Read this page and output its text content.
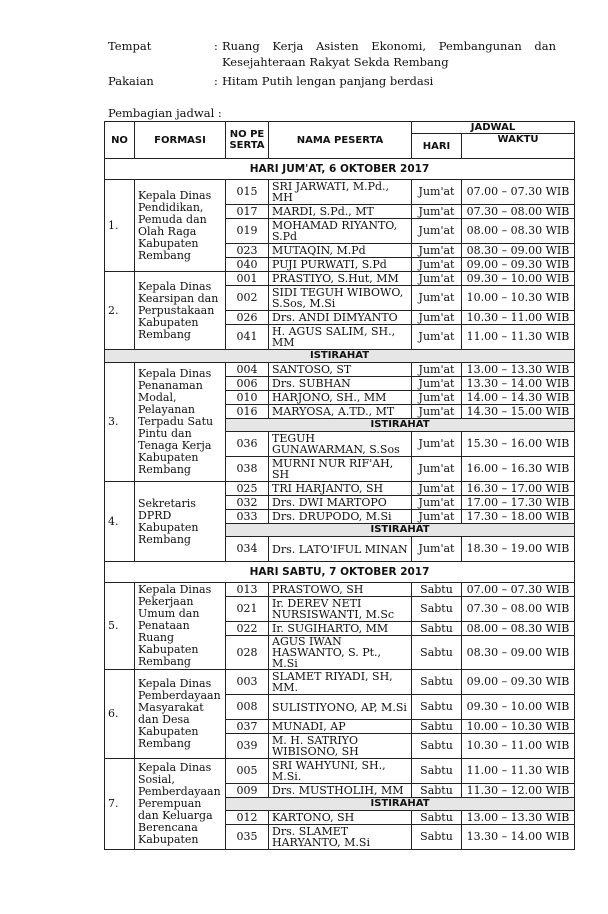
Tempat	: Ruang Kerja Asisten Ekonomi, Pembangunan dan Kesejahteraan Rakyat Sekda Rembang
Pakaian	: Hitam Putih lengan panjang berdasi
Pembagian jadwal :
NO	FORMASI	NO PESERTA	NAMA PESERTA	JADWAL	
				HARI	WAKTU
HARI JUM'AT, 6 OKTOBER 2017					
1.	Kepala Dinas Pendidikan, Pemuda dan Olah Raga Kabupaten Rembang	015	SRI JARWATI, M.Pd., MH	Jum'at	07.00 – 07.30 WIB
		017	MARDI, S.Pd., MT	Jum'at	07.30 – 08.00 WIB
		019	MOHAMAD RIYANTO, S.Pd	Jum'at	08.00 – 08.30 WIB
		023	MUTAQIN, M.Pd	Jum'at	08.30 – 09.00 WIB
		040	PUJI PURWATI, S.Pd	Jum'at	09.00 – 09.30 WIB
2.	Kepala Dinas Kearsipan dan Perpustakaan Kabupaten Rembang	001	PRASTIYO, S.Hut, MM	Jum'at	09.30 – 10.00 WIB
		002	SIDI TEGUH WIBOWO, S.Sos, M.Si	Jum'at	10.00 – 10.30 WIB
		026	Drs. ANDI DIMYANTO	Jum'at	10.30 – 11.00 WIB
		041	H. AGUS SALIM, SH., MM	Jum'at	11.00 – 11.30 WIB
ISTIRAHAT					
3.	Kepala Dinas Penanaman Modal, Pelayanan Terpadu Satu Pintu dan Tenaga Kerja Kabupaten Rembang	004	SANTOSO, ST	Jum'at	13.00 – 13.30 WIB
		006	Drs. SUBHAN	Jum'at	13.30 – 14.00 WIB
		010	HARJONO, SH., MM	Jum'at	14.00 – 14.30 WIB
		016	MARYOSA, A.TD., MT	Jum'at	14.30 – 15.00 WIB
		ISTIRAHAT			
		036	TEGUH GUNAWARMAN, S.Sos	Jum'at	15.30 – 16.00 WIB
		038	MURNI NUR RIF'AH, SH	Jum'at	16.00 – 16.30 WIB
4.	Sekretaris DPRD Kabupaten Rembang	025	TRI HARJANTO, SH	Jum'at	16.30 – 17.00 WIB
		032	Drs. DWI MARTOPO	Jum'at	17.00 – 17.30 WIB
		033	Drs. DRUPODO, M.Si	Jum'at	17.30 – 18.00 WIB
		ISTIRAHAT			
		034	Drs. LATO'IFUL MINAN	Jum'at	18.30 – 19.00 WIB
HARI SABTU, 7 OKTOBER 2017					
5.	Kepala Dinas Pekerjaan Umum dan Penataan Ruang Kabupaten Rembang	013	PRASTOWO, SH	Sabtu	07.00 – 07.30 WIB
		021	Ir. DEREV NETI NURSISWANTI, M.Sc	Sabtu	07.30 – 08.00 WIB
		022	Ir. SUGIHARTO, MM	Sabtu	08.00 – 08.30 WIB
		028	AGUS IWAN HASWANTO, S. Pt., M.Si	Sabtu	08.30 – 09.00 WIB
6.	Kepala Dinas Pemberdayaan Masyarakat dan Desa Kabupaten Rembang	003	SLAMET RIYADI, SH, MM.	Sabtu	09.00 – 09.30 WIB
		008	SULISTIYONO, AP, M.Si	Sabtu	09.30 – 10.00 WIB
		037	MUNADI, AP	Sabtu	10.00 – 10.30 WIB
		039	M. H. SATRIYO WIBISONO, SH	Sabtu	10.30 – 11.00 WIB
7.	Kepala Dinas Sosial, Pemberdayaan Perempuan dan Keluarga Berencana Kabupaten	005	SRI WAHYUNI, SH., M.Si.	Sabtu	11.00 – 11.30 WIB
		009	Drs. MUSTHOLIH, MM	Sabtu	11.30 – 12.00 WIB
		ISTIRAHAT			
		012	KARTONO, SH	Sabtu	13.00 – 13.30 WIB
		035	Drs. SLAMET HARYANTO, M.Si	Sabtu	13.30 – 14.00 WIB
